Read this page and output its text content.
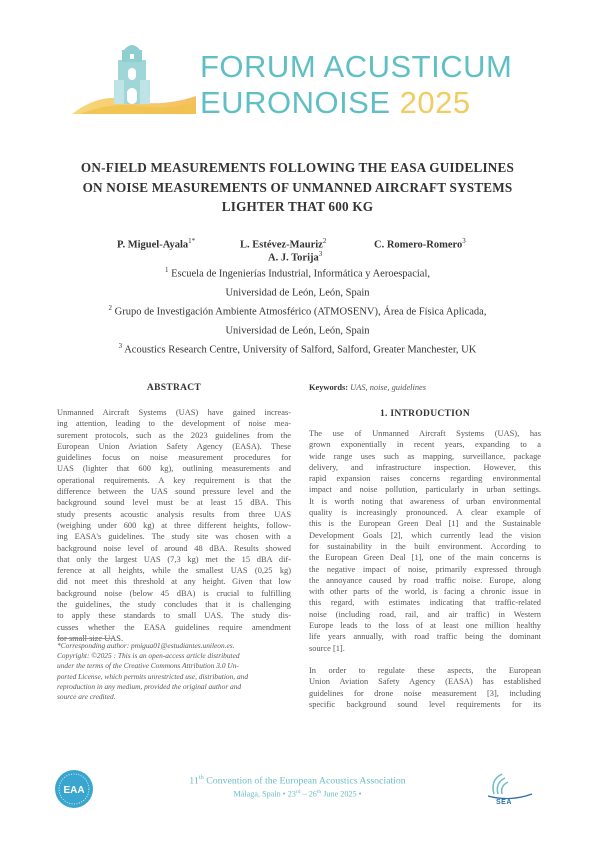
FORUM ACUSTICUM
EURONOISE 2025
ON-FIELD MEASUREMENTS FOLLOWING THE EASA GUIDELINES
ON NOISE MEASUREMENTS OF UNMANNED AIRCRAFT SYSTEMS
LIGHTER THAT 600 KG
P. Miguel-Ayala$^{1*}$	L. Estévez-Mauriz$^2$	C. Romero-Romero$^3$
A. J. Torija$^3$
$^1$ Escuela de Ingenierías Industrial, Informática y Aeroespacial,
Universidad de León, León, Spain
$^2$ Grupo de Investigación Ambiente Atmosférico (ATMOSENV), Área de Física Aplicada,
Universidad de León, León, Spain
$^3$ Acoustics Research Centre, University of Salford, Salford, Greater Manchester, UK
ABSTRACT
Unmanned Aircraft Systems (UAS) have gained increas-
ing attention, leading to the development of noise mea-
surement protocols, such as the 2023 guidelines from the
European Union Aviation Safety Agency (EASA). These
guidelines focus on noise measurement procedures for
UAS (lighter that 600 kg), outlining measurements and
operational requirements. A key requirement is that the
difference between the UAS sound pressure level and the
background sound level must be at least 15 dBA. This
study presents acoustic analysis results from three UAS
(weighing under 600 kg) at three different heights, follow-
ing EASA's guidelines. The study site was chosen with a
background noise level of around 48 dBA. Results showed
that only the largest UAS (7,3 kg) met the 15 dBA dif-
ference at all heights, while the smallest UAS (0,25 kg)
did not meet this threshold at any height. Given that low
background noise (below 45 dBA) is crucial to fulfilling
the guidelines, the study concludes that it is challenging
to apply these standards to small UAS. The study dis-
cusses whether the EASA guidelines require amendment
for small size UAS.
Keywords: UAS, noise, guidelines
1. INTRODUCTION
The use of Unmanned Aircraft Systems (UAS), has
grown exponentially in recent years, expanding to a
wide range uses such as mapping, surveillance, package
delivery, and infrastructure inspection. However, this
rapid expansion raises concerns regarding environmental
impact and noise pollution, particularly in urban settings.
It is worth noting that awareness of urban environmental
quality is increasingly pronounced. A clear example of
this is the European Green Deal [1] and the Sustainable
Development Goals [2], which currently lead the vision
for sustainability in the built environment. According to
the European Green Deal [1], one of the main concerns is
the negative impact of noise, primarily expressed through
the annoyance caused by road traffic noise. Europe, along
with other parts of the world, is facing a chronic issue in
this regard, with estimates indicating that traffic-related
noise (including road, rail, and air traffic) in Western
Europe leads to the loss of at least one million healthy
life years annually, with road traffic being the dominant
source [1].
In order to regulate these aspects, the European
Union Aviation Safety Agency (EASA) has established
guidelines for drone noise measurement [3], including
specific background sound level requirements for its
*Corresponding author: pmigua01@estudiantes.unileon.es.
Copyright: ©2025 : This is an open-access article distributed
under the terms of the Creative Commons Attribution 3.0 Un-
ported License, which permits unrestricted use, distribution, and
reproduction in any medium, provided the original author and
source are credited.
EAA
11th Convention of the European Acoustics Association
Málaga, Spain • 23rd – 26th June 2025 •
SEA
